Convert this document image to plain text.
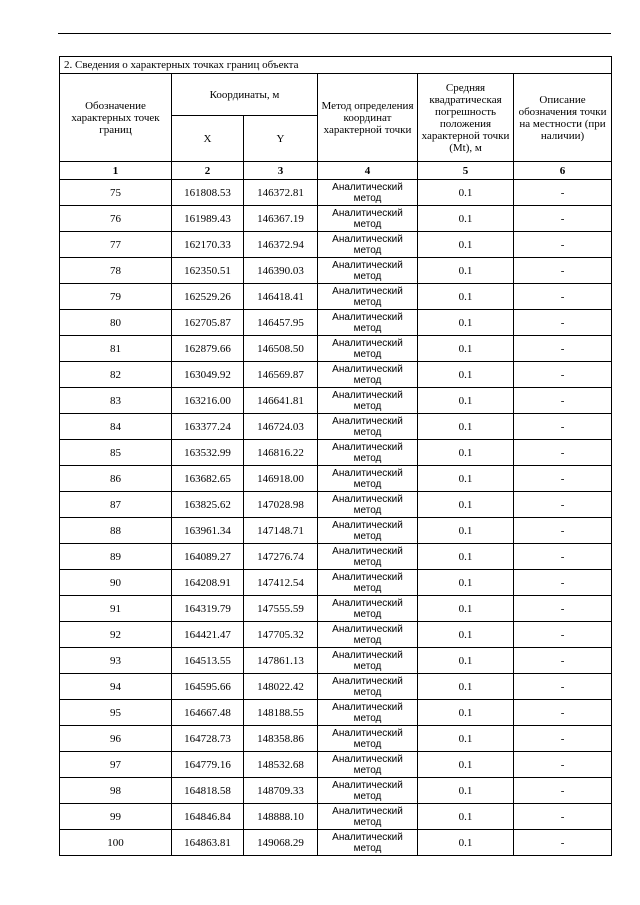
2. Сведения о характерных точках границ объекта					
Обозначение характерных точек границ	Координаты, м		Метод определения координат характерной точки	Средняя квадратическая погрешность положения характерной точки (Mt), м	Описание обозначения точки на местности (при наличии)
	X	Y			
1	2	3	4	5	6
75	161808.53	146372.81	Аналитический метод	0.1	-
76	161989.43	146367.19	Аналитический метод	0.1	-
77	162170.33	146372.94	Аналитический метод	0.1	-
78	162350.51	146390.03	Аналитический метод	0.1	-
79	162529.26	146418.41	Аналитический метод	0.1	-
80	162705.87	146457.95	Аналитический метод	0.1	-
81	162879.66	146508.50	Аналитический метод	0.1	-
82	163049.92	146569.87	Аналитический метод	0.1	-
83	163216.00	146641.81	Аналитический метод	0.1	-
84	163377.24	146724.03	Аналитический метод	0.1	-
85	163532.99	146816.22	Аналитический метод	0.1	-
86	163682.65	146918.00	Аналитический метод	0.1	-
87	163825.62	147028.98	Аналитический метод	0.1	-
88	163961.34	147148.71	Аналитический метод	0.1	-
89	164089.27	147276.74	Аналитический метод	0.1	-
90	164208.91	147412.54	Аналитический метод	0.1	-
91	164319.79	147555.59	Аналитический метод	0.1	-
92	164421.47	147705.32	Аналитический метод	0.1	-
93	164513.55	147861.13	Аналитический метод	0.1	-
94	164595.66	148022.42	Аналитический метод	0.1	-
95	164667.48	148188.55	Аналитический метод	0.1	-
96	164728.73	148358.86	Аналитический метод	0.1	-
97	164779.16	148532.68	Аналитический метод	0.1	-
98	164818.58	148709.33	Аналитический метод	0.1	-
99	164846.84	148888.10	Аналитический метод	0.1	-
100	164863.81	149068.29	Аналитический метод	0.1	-
